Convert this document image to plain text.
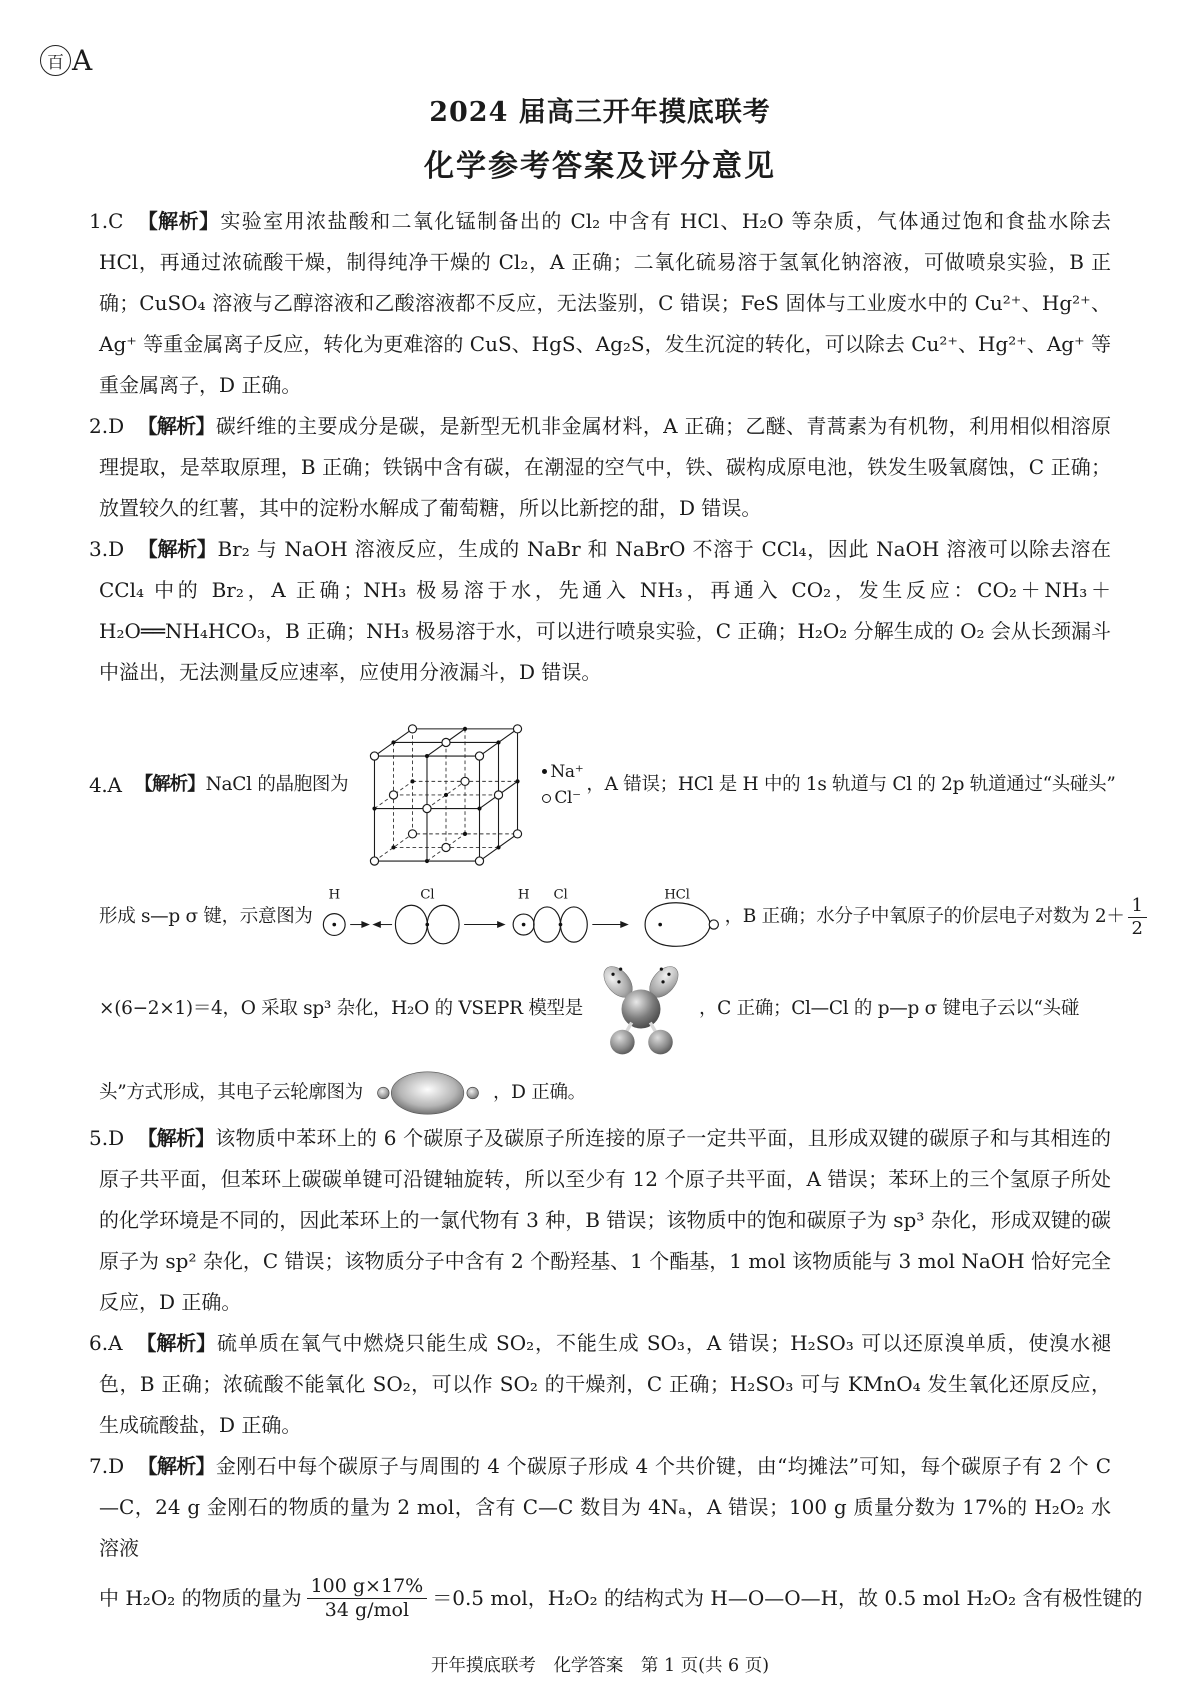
百 A
2024 届高三开年摸底联考
化学参考答案及评分意见

1.C 【解析】实验室用浓盐酸和二氧化锰制备出的 Cl₂ 中含有 HCl、H₂O 等杂质，气体通过饱和食盐水除去 HCl，再通过浓硫酸干燥，制得纯净干燥的 Cl₂，A 正确；二氧化硫易溶于氢氧化钠溶液，可做喷泉实验，B 正确；CuSO₄ 溶液与乙醇溶液和乙酸溶液都不反应，无法鉴别，C 错误；FeS 固体与工业废水中的 Cu²⁺、Hg²⁺、Ag⁺ 等重金属离子反应，转化为更难溶的 CuS、HgS、Ag₂S，发生沉淀的转化，可以除去 Cu²⁺、Hg²⁺、Ag⁺ 等重金属离子，D 正确。

2.D 【解析】碳纤维的主要成分是碳，是新型无机非金属材料，A 正确；乙醚、青蒿素为有机物，利用相似相溶原理提取，是萃取原理，B 正确；铁锅中含有碳，在潮湿的空气中，铁、碳构成原电池，铁发生吸氧腐蚀，C 正确；放置较久的红薯，其中的淀粉水解成了葡萄糖，所以比新挖的甜，D 错误。

3.D 【解析】Br₂ 与 NaOH 溶液反应，生成的 NaBr 和 NaBrO 不溶于 CCl₄，因此 NaOH 溶液可以除去溶在 CCl₄ 中的 Br₂，A 正确；NH₃ 极易溶于水，先通入 NH₃，再通入 CO₂，发生反应：CO₂＋NH₃＋H₂O══NH₄HCO₃，B 正确；NH₃ 极易溶于水，可以进行喷泉实验，C 正确；H₂O₂ 分解生成的 O₂ 会从长颈漏斗中溢出，无法测量反应速率，应使用分液漏斗，D 错误。

4.A 【解析】 NaCl 的晶胞图为
Na⁺
Cl⁻
，A 错误；HCl 是 H 中的 1s 轨道与 Cl 的 2p 轨道通过“头碰头”
形成 s—p σ 键，示意图为
H	Cl	H Cl	HCl
，B 正确；水分子中氧原子的价层电子对数为 $2+ \frac{1}{2}$
×(6−2×1)＝4，O 采取 sp³ 杂化，H₂O 的 VSEPR 模型是	，C 正确；Cl—Cl 的 p—p σ 键电子云以“头碰
头”方式形成，其电子云轮廓图为	，D 正确。

5.D 【解析】该物质中苯环上的 6 个碳原子及碳原子所连接的原子一定共平面，且形成双键的碳原子和与其相连的原子共平面，但苯环上碳碳单键可沿键轴旋转，所以至少有 12 个原子共平面，A 错误；苯环上的三个氢原子所处的化学环境是不同的，因此苯环上的一氯代物有 3 种，B 错误；该物质中的饱和碳原子为 sp³ 杂化，形成双键的碳原子为 sp² 杂化，C 错误；该物质分子中含有 2 个酚羟基、1 个酯基，1 mol 该物质能与 3 mol NaOH 恰好完全反应，D 正确。

6.A 【解析】硫单质在氧气中燃烧只能生成 SO₂，不能生成 SO₃，A 错误；H₂SO₃ 可以还原溴单质，使溴水褪色，B 正确；浓硫酸不能氧化 SO₂，可以作 SO₂ 的干燥剂，C 正确；H₂SO₃ 可与 KMnO₄ 发生氧化还原反应，生成硫酸盐，D 正确。

7.D 【解析】金刚石中每个碳原子与周围的 4 个碳原子形成 4 个共价键，由“均摊法”可知，每个碳原子有 2 个 C—C，24 g 金刚石的物质的量为 2 mol，含有 C—C 数目为 4Nₐ，A 错误；100 g 质量分数为 17%的 H₂O₂ 水溶液

中 H₂O₂ 的物质的量为 $\frac{100 g\times 17\%}{\text{34 g/mol}} =0.5$ mol，H₂O₂ 的结构式为 H—O—O—H，故 0.5 mol H₂O₂ 含有极性键的
开年摸底联考　化学答案　第 1 页(共 6 页)
